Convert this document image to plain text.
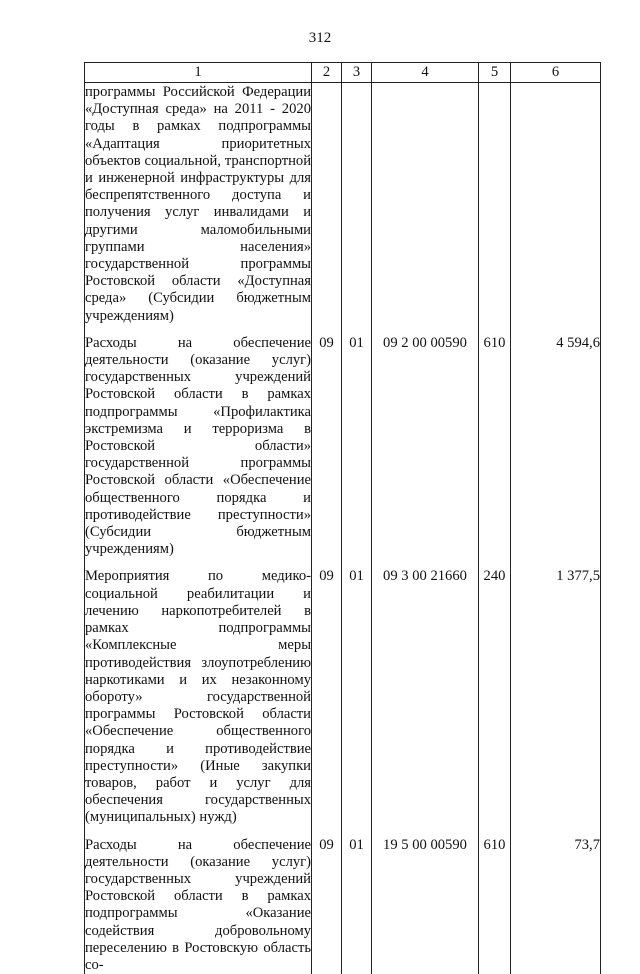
312
1	2	3	4	5	6
программы Российской Федерации «Доступная среда» на 2011 - 2020 годы в рамках подпрограммы «Адаптация приоритетных объектов социальной, транспортной и инженерной инфраструктуры для беспрепятственного доступа и получения услуг инвалидами и другими маломобильными группами населения» государственной программы Ростовской области «Доступная среда» (Субсидии бюджетным учреждениям)					

Расходы на обеспечение деятельности (оказание услуг) государственных учреждений Ростовской области в рамках подпрограммы «Профилактика экстремизма и терроризма в Ростовской области» государственной программы Ростовской области «Обеспечение общественного порядка и противодействие преступности» (Субсидии бюджетным учреждениям)	09	01	09 2 00 00590	610	4 594,6

Мероприятия по медико-социальной реабилитации и лечению наркопотребителей в рамках подпрограммы «Комплексные меры противодействия злоупотреблению наркотиками и их незаконному обороту» государственной программы Ростовской области «Обеспечение общественного порядка и противодействие преступности» (Иные закупки товаров, работ и услуг для обеспечения государственных (муниципальных) нужд)	09	01	09 3 00 21660	240	1 377,5

Расходы на обеспечение деятельности (оказание услуг) государственных учреждений Ростовской области в рамках подпрограммы «Оказание содействия добровольному переселению в Ростовскую область со-	09	01	19 5 00 00590	610	73,7
